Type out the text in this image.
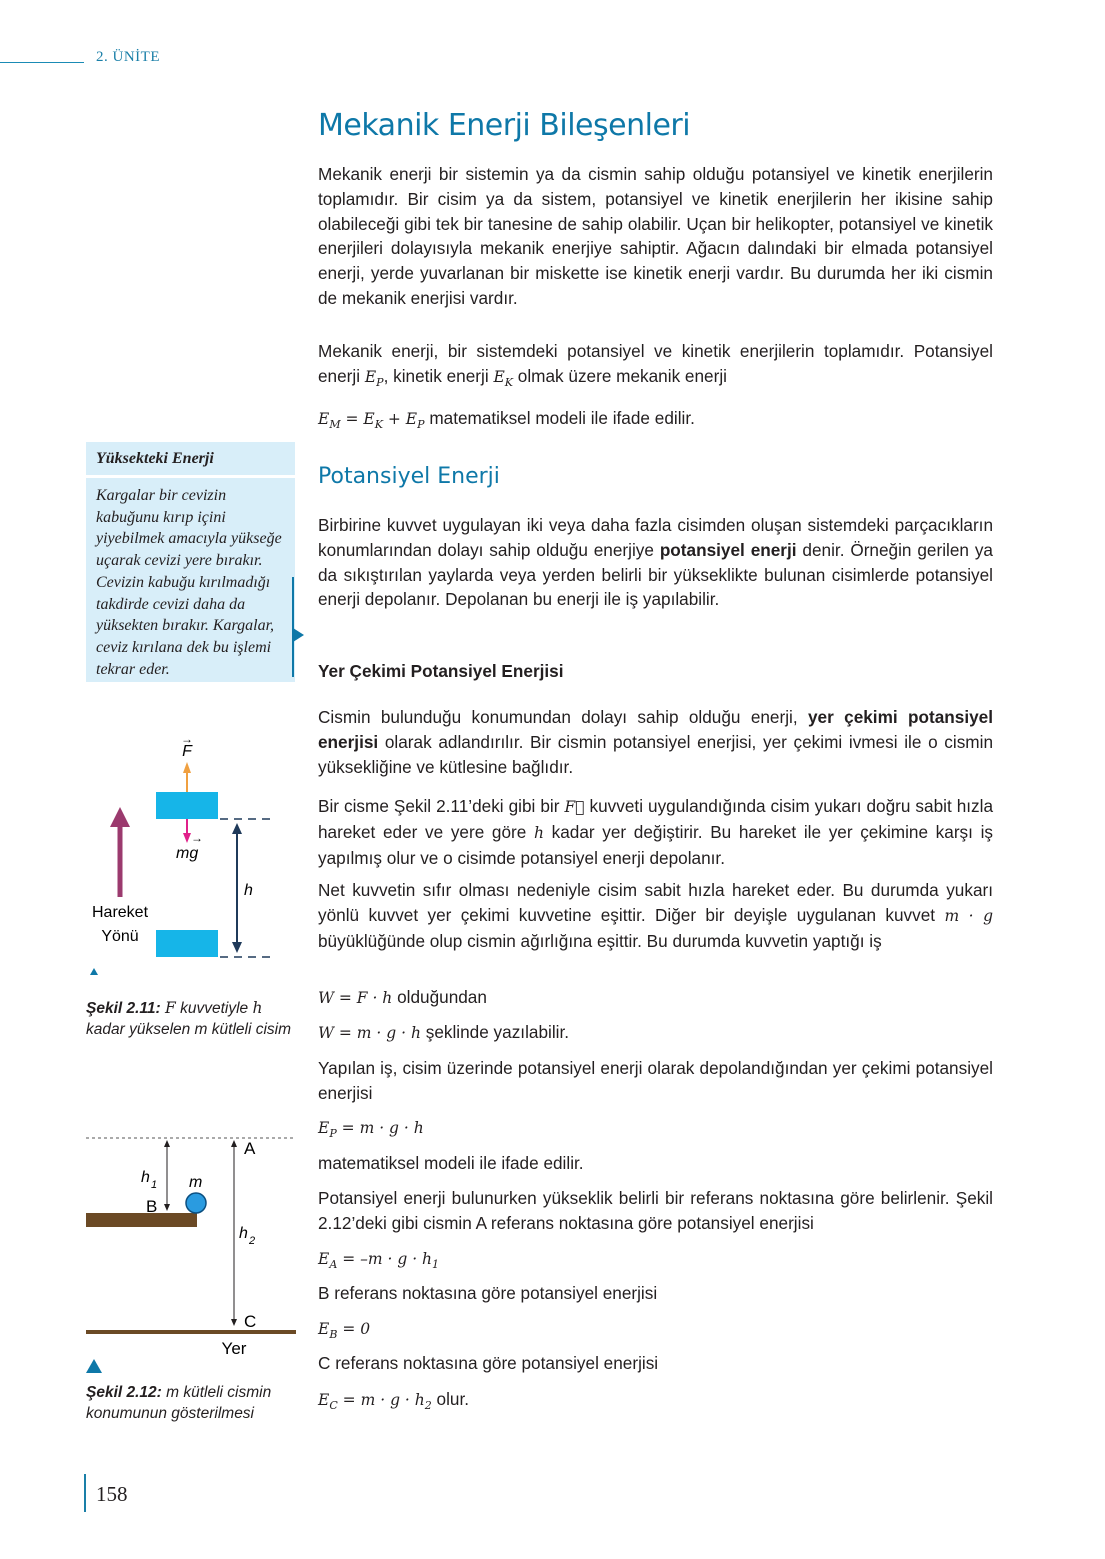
2. ÜNİTE
Mekanik Enerji Bileşenleri
Mekanik enerji bir sistemin ya da cismin sahip olduğu potansiyel ve kinetik enerjilerin toplamıdır. Bir cisim ya da sistem, potansiyel ve kinetik enerjilerin her ikisine sahip olabileceği gibi tek bir tanesine de sahip olabilir. Uçan bir helikopter, potansiyel ve kinetik enerjileri dolayısıyla mekanik enerjiye sahiptir. Ağacın dalındaki bir elmada potansiyel enerji, yerde yuvarlanan bir miskette ise kinetik enerji vardır. Bu durumda her iki cismin de mekanik enerjisi vardır.
Mekanik enerji, bir sistemdeki potansiyel ve kinetik enerjilerin toplamıdır. Potansiyel enerji $E_P$, kinetik enerji $E_K$ olmak üzere mekanik enerji
$E_M = E_K + E_P$ matematiksel modeli ile ifade edilir.
Potansiyel Enerji
Birbirine kuvvet uygulayan iki veya daha fazla cisimden oluşan sistemdeki parçacıkların konumlarından dolayı sahip olduğu enerjiye potansiyel enerji denir. Örneğin gerilen ya da sıkıştırılan yaylarda veya yerden belirli bir yükseklikte bulunan cisimlerde potansiyel enerji depolanır. Depolanan bu enerji ile iş yapılabilir.
Yer Çekimi Potansiyel Enerjisi
Cismin bulunduğu konumundan dolayı sahip olduğu enerji, yer çekimi potansiyel enerjisi olarak adlandırılır. Bir cismin potansiyel enerjisi, yer çekimi ivmesi ile o cismin yüksekliğine ve kütlesine bağlıdır.
Bir cisme Şekil 2.11’deki gibi bir F⃗ kuvveti uygulandığında cisim yukarı doğru sabit hızla hareket eder ve yere göre h kadar yer değiştirir. Bu hareket ile yer çekimine karşı iş yapılmış olur ve o cisimde potansiyel enerji depolanır.
Net kuvvetin sıfır olması nedeniyle cisim sabit hızla hareket eder. Bu durumda yukarı yönlü kuvvet yer çekimi kuvvetine eşittir. Diğer bir deyişle uygulanan kuvvet m · g büyüklüğünde olup cismin ağırlığına eşittir. Bu durumda kuvvetin yaptığı iş
W = F · h olduğundan
W = m · g · h şeklinde yazılabilir.
Yapılan iş, cisim üzerinde potansiyel enerji olarak depolandığından yer çekimi potansiyel enerjisi
$E_P = m \cdot g \cdot h$
matematiksel modeli ile ifade edilir.
Potansiyel enerji bulunurken yükseklik belirli bir referans noktasına göre belirlenir. Şekil 2.12’deki gibi cismin A referans noktasına göre potansiyel enerjisi
$E_A = -m \cdot g \cdot h_1$
B referans noktasına göre potansiyel enerjisi
$E_B = 0$
C referans noktasına göre potansiyel enerjisi
$E_C = m \cdot g \cdot h_2$ olur.
Yüksekteki Enerji
Kargalar bir cevizin kabuğunu kırıp içini yiyebilmek amacıyla yükseğe uçarak cevizi yere bırakır. Cevizin kabuğu kırılmadığı takdirde cevizi daha da yüksekten bırakır. Kargalar, ceviz kırılana dek bu işlemi tekrar eder.
F
→
mg
→
h
Hareket
Yönü
Şekil 2.11: F kuvvetiyle h kadar yükselen m kütleli cisim
A
B
C
m
h 1
h 2
Yer
Şekil 2.12: m kütleli cismin konumunun gösterilmesi
158
